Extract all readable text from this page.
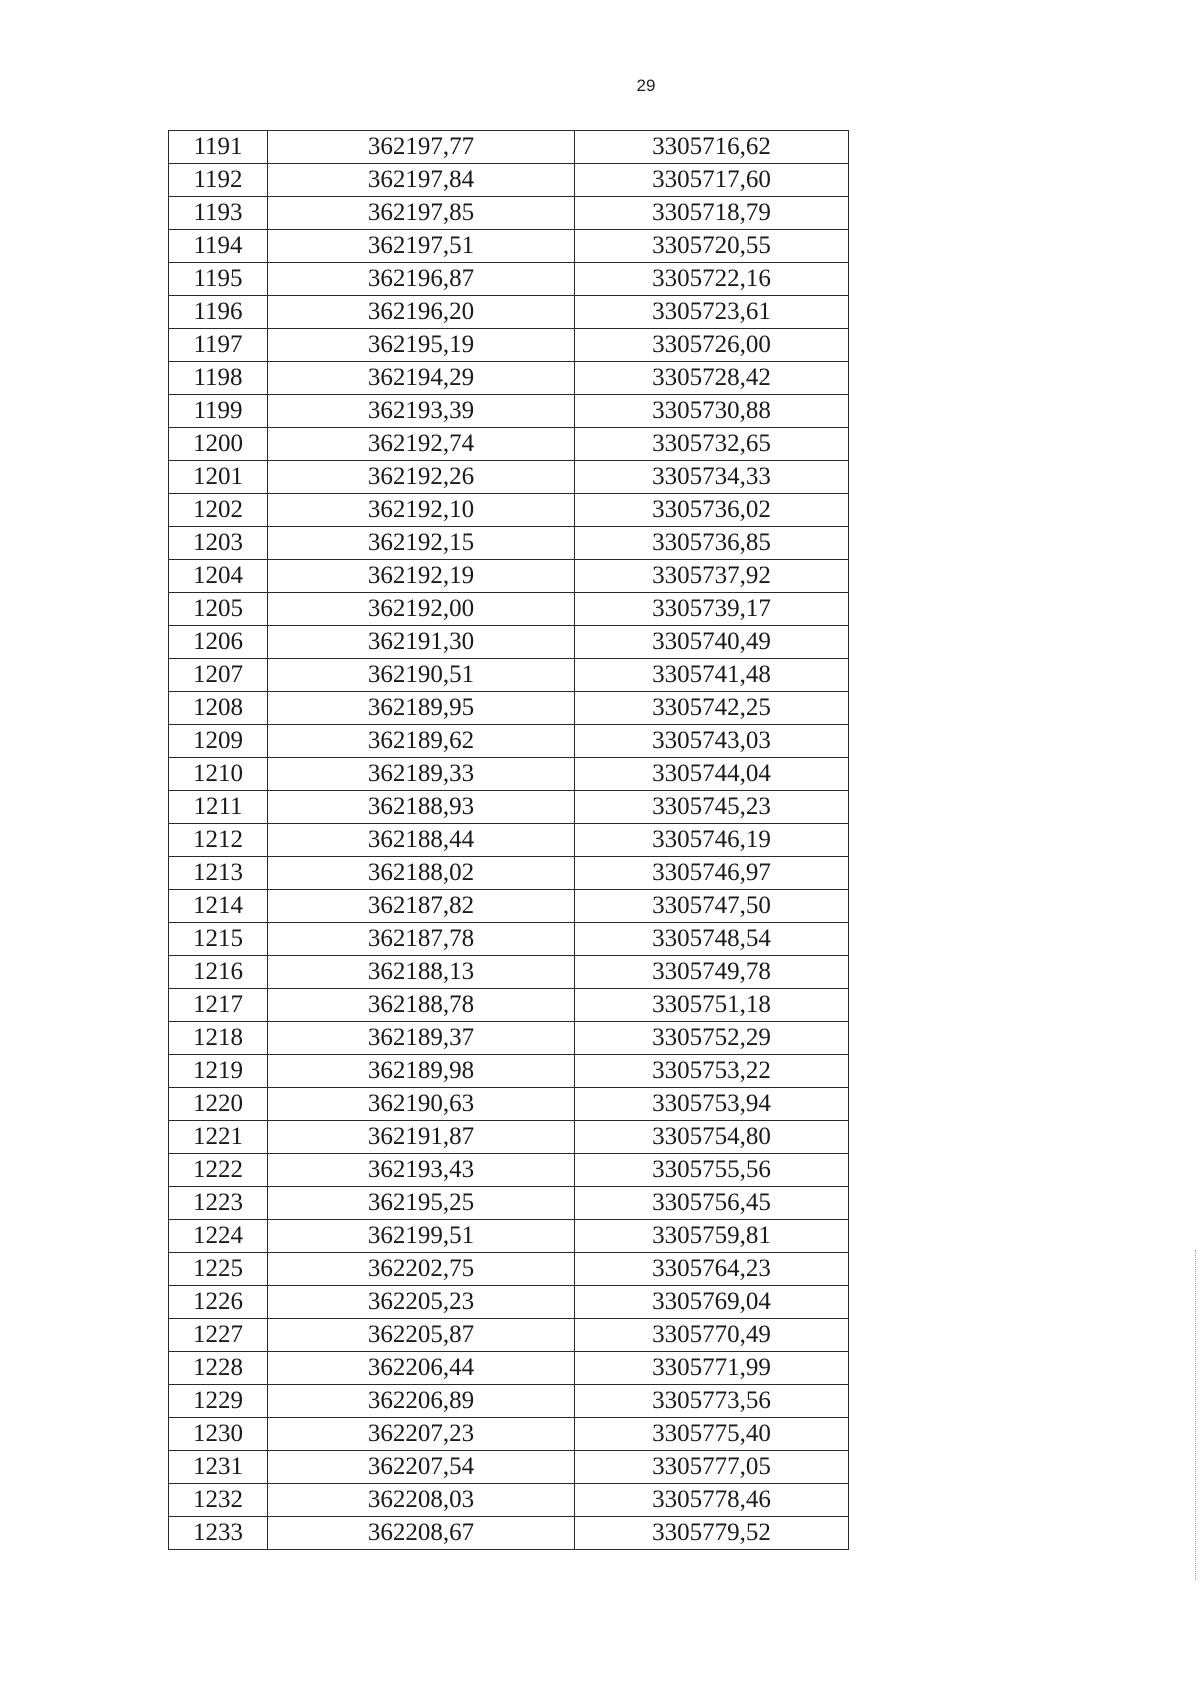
29
1191	362197,77	3305716,62
1192	362197,84	3305717,60
1193	362197,85	3305718,79
1194	362197,51	3305720,55
1195	362196,87	3305722,16
1196	362196,20	3305723,61
1197	362195,19	3305726,00
1198	362194,29	3305728,42
1199	362193,39	3305730,88
1200	362192,74	3305732,65
1201	362192,26	3305734,33
1202	362192,10	3305736,02
1203	362192,15	3305736,85
1204	362192,19	3305737,92
1205	362192,00	3305739,17
1206	362191,30	3305740,49
1207	362190,51	3305741,48
1208	362189,95	3305742,25
1209	362189,62	3305743,03
1210	362189,33	3305744,04
1211	362188,93	3305745,23
1212	362188,44	3305746,19
1213	362188,02	3305746,97
1214	362187,82	3305747,50
1215	362187,78	3305748,54
1216	362188,13	3305749,78
1217	362188,78	3305751,18
1218	362189,37	3305752,29
1219	362189,98	3305753,22
1220	362190,63	3305753,94
1221	362191,87	3305754,80
1222	362193,43	3305755,56
1223	362195,25	3305756,45
1224	362199,51	3305759,81
1225	362202,75	3305764,23
1226	362205,23	3305769,04
1227	362205,87	3305770,49
1228	362206,44	3305771,99
1229	362206,89	3305773,56
1230	362207,23	3305775,40
1231	362207,54	3305777,05
1232	362208,03	3305778,46
1233	362208,67	3305779,52
